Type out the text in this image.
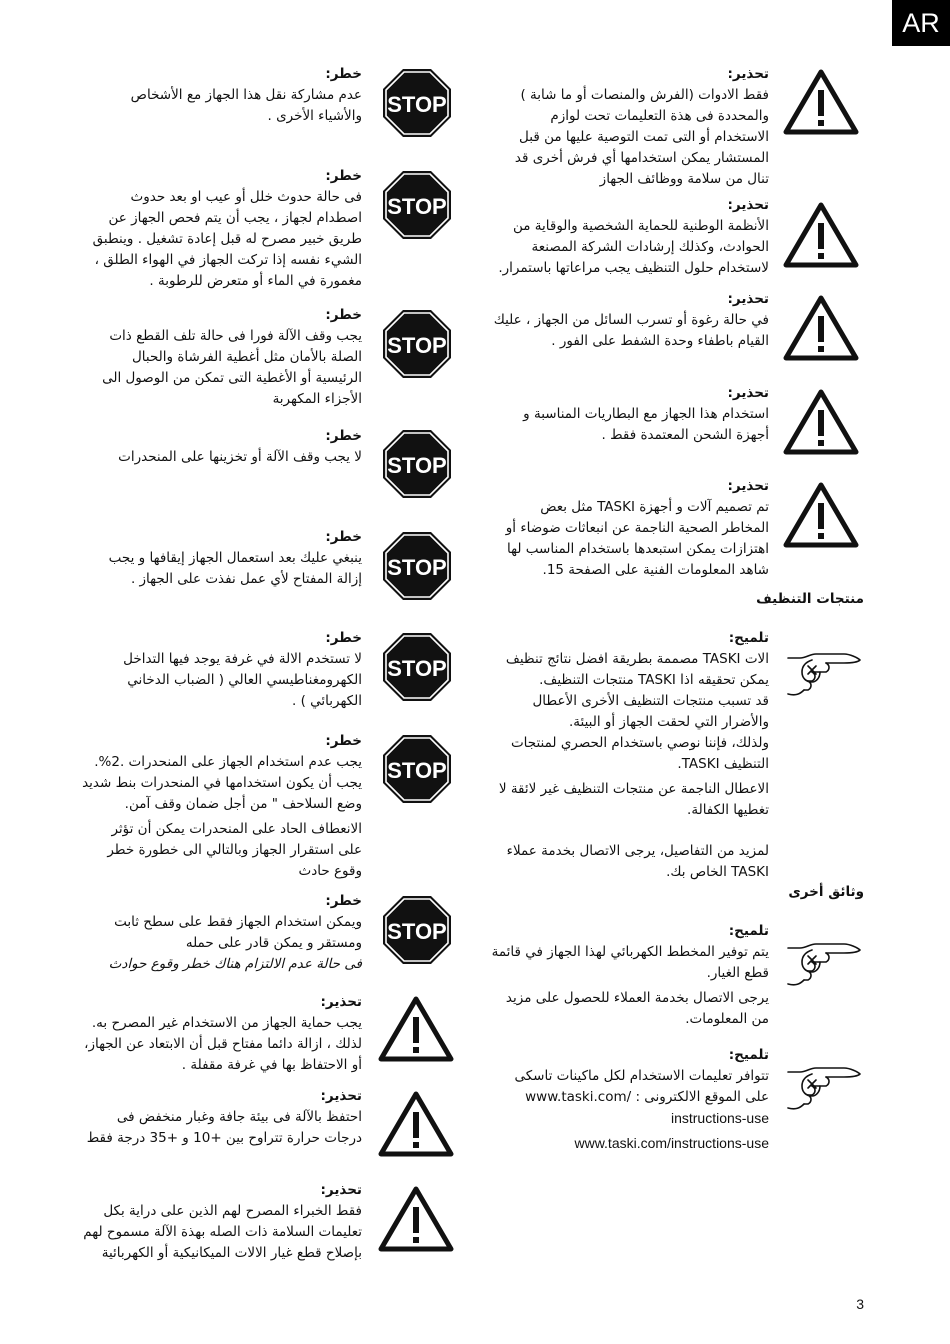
AR
تحذير:
فقط الادوات (الفرش والمنصات أو ما شابة )
والمحددة فى هذة التعليمات تحت لوازم
الاستخدام أو التى تمت التوصية عليها من قبل
المستشار يمكن استخدامها أي فرش أخرى قد
تنال من سلامة ووظائف الجهاز
تحذير:
الأنظمة الوطنية للحماية الشخصية والوقاية من
الحوادث، وكذلك إرشادات الشركة المصنعة
لاستخدام حلول التنظيف يجب مراعاتها باستمرار.
تحذير:
في حالة رغوة أو تسرب السائل من الجهاز ، عليك
القيام باطفاء وحدة الشفط على الفور .
تحذير:
استخدام هذا الجهاز مع البطاريات المناسبة و
أجهزة الشحن المعتمدة فقط .
تحذير:
تم تصميم آلات و أجهزة TASKI مثل بعض
المخاطر الصحية الناجمة عن انبعاثات ضوضاء أو
اهتزازات يمكن استبعدها باستخدام المناسب لها
شاهد المعلومات الفنية على الصفحة 15.
منتجات التنظيف
تلميح:
الات TASKI مصممة بطريقة افضل نتائج تنظيف
يمكن تحقيقه اذا TASKI منتجات التنظيف.
قد تسبب منتجات التنظيف الأخرى الأعطال
والأضرار التي لحقت الجهاز أو البيئة.
ولذلك، فإننا نوصي باستخدام الحصري لمنتجات
التنظيف TASKI.
الاعطال الناجمة عن منتجات التنظيف غير لائقة لا
تغطيها الكفالة.
لمزيد من التفاصيل، يرجى الاتصال بخدمة عملاء
TASKI الخاص بك.
وثائق أخرى
تلميح:
يتم توفير المخطط الكهربائي لهذا الجهاز في قائمة
قطع الغيار.
يرجى الاتصال بخدمة العملاء للحصول على مزيد
من المعلومات.
تلميح:
تتوافر تعليمات الاستخدام لكل ماكينات تاسكى
على الموقع الالكترونى : /www.taski.com
instructions-use
www.taski.com/instructions-use
خطر:
عدم مشاركة نقل هذا الجهاز مع الأشخاص
والأشياء الأخرى .
خطر:
فى حالة حدوث خلل أو عيب او بعد حدوث
اصطدام لجهاز ، يجب أن يتم فحص الجهاز عن
طريق خبير مصرح له قبل إعادة تشغيل . وينطبق
الشيء نفسه إذا تركت الجهاز في الهواء الطلق ،
مغمورة في الماء أو متعرض للرطوبة .
خطر:
يجب وقف الآلة فورا فى حالة تلف القطع ذات
الصلة بالأمان مثل أغطية الفرشاة والحبال
الرئيسية أو الأغطية التى تمكن من الوصول الى
الأجزاء المكهربة
خطر:
لا يجب وقف الآلة أو تخزينها على المنحدرات
خطر:
ينبغي عليك بعد استعمال الجهاز إيقافها و يجب
إزالة المفتاح لأي عمل نفذت على الجهاز .
خطر:
لا تستخدم الالة في غرفة يوجد فيها التداخل
الكهرومغناطيسي العالي ( الضباب الدخاني
الكهربائي ) .
خطر:
يجب عدم استخدام الجهاز على المنحدرات .2%.
يجب أن يكون استخدامها في المنحدرات بنط شديد
وضع السلاحف " من أجل ضمان وقف آمن.
الانعطاف الحاد على المنحدرات يمكن أن تؤثر
على استقرار الجهاز وبالتالي الى خطورة خطر
وقوع حادث
خطر:
ويمكن استخدام الجهاز فقط على سطح ثابت
ومستقر و يمكن قادر على حمله
فى حالة عدم الالتزام هناك خطر وقوع حوادث
تحذير:
يجب حماية الجهاز من الاستخدام غير المصرح به.
لذلك ، ازالة دائما مفتاح قبل أن الابتعاد عن الجهاز،
أو الاحتفاظ بها في غرفة مقفلة .
تحذير:
احتفظ بالآلة فى بيئة جافة وغبار منخفض فى
درجات حرارة تتراوح بين +10 و +35 درجة فقط
تحذير:
فقط الخبراء المصرح لهم الذين على دراية بكل
تعليمات السلامة ذات الصله بهذة الآلة مسموح لهم
بإصلاح قطع غيار الالات الميكانيكية أو الكهربائية
STOP
STOP
STOP
STOP
STOP
STOP
STOP
STOP
3
